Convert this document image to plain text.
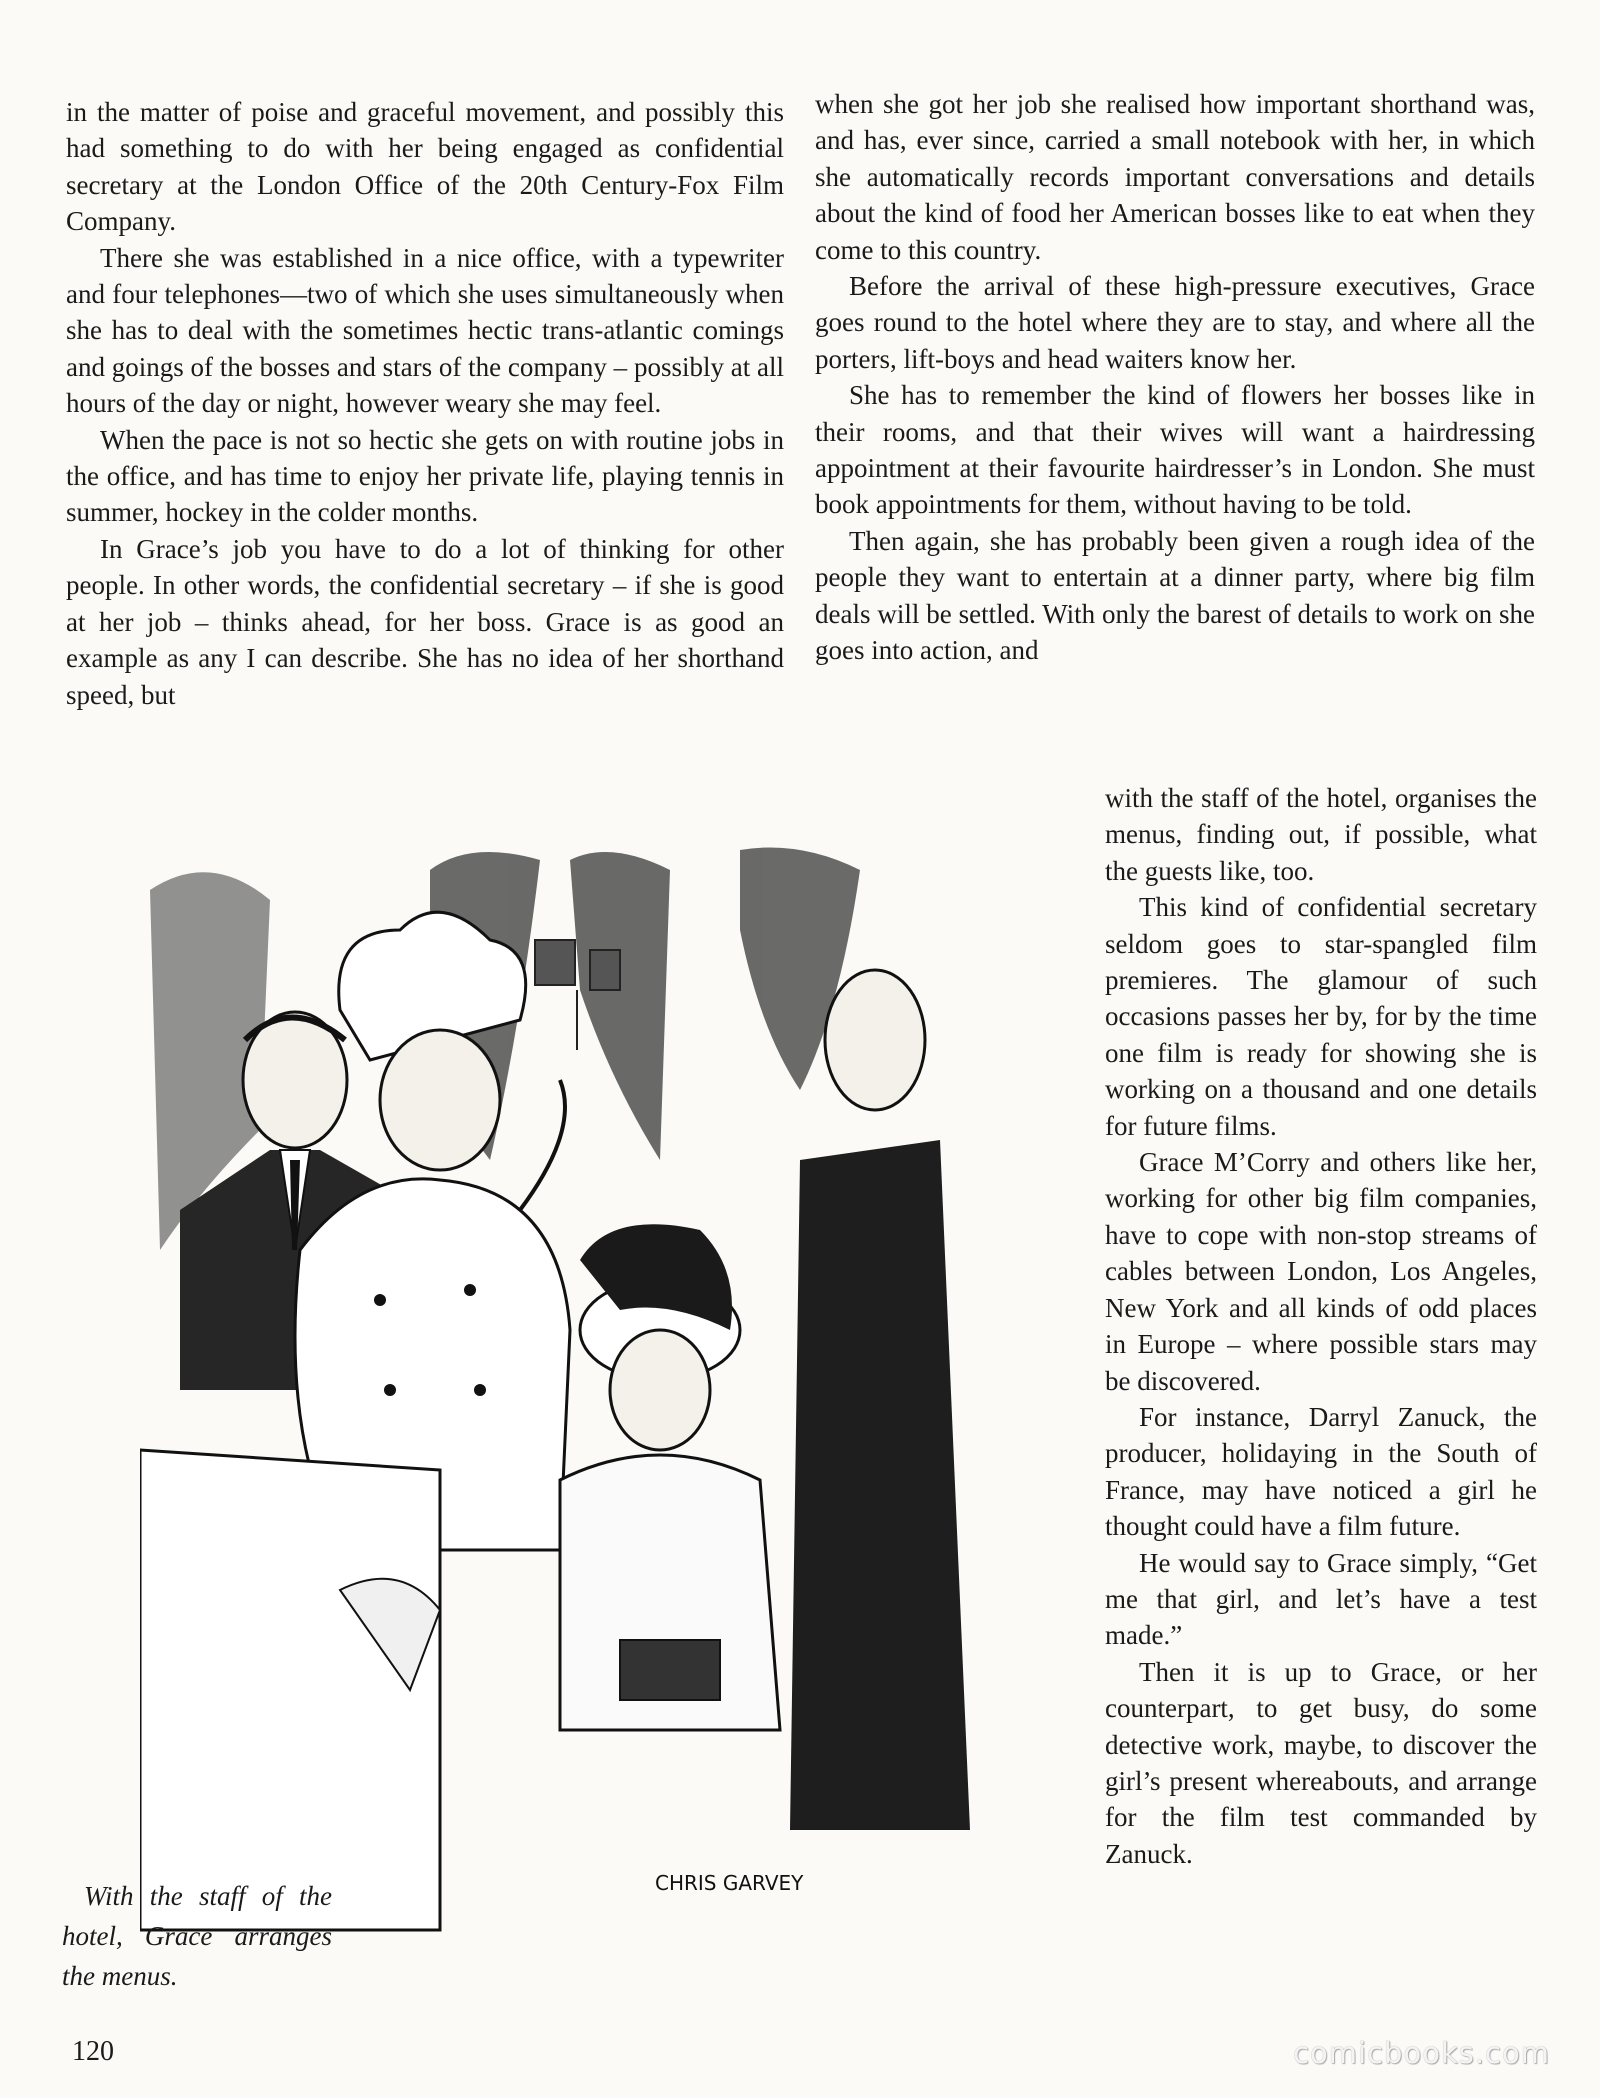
in the matter of poise and graceful movement, and possibly this had something to do with her being engaged as confidential secretary at the London Office of the 20th Century-Fox Film Company.

There she was established in a nice office, with a typewriter and four telephones—two of which she uses simultaneously when she has to deal with the sometimes hectic trans-atlantic comings and goings of the bosses and stars of the company – possibly at all hours of the day or night, however weary she may feel.

When the pace is not so hectic she gets on with routine jobs in the office, and has time to enjoy her private life, playing tennis in summer, hockey in the colder months.

In Grace’s job you have to do a lot of thinking for other people. In other words, the confidential secretary – if she is good at her job – thinks ahead, for her boss. Grace is as good an example as any I can describe. She has no idea of her shorthand speed, but

when she got her job she realised how important shorthand was, and has, ever since, carried a small notebook with her, in which she automatically records important conversations and details about the kind of food her American bosses like to eat when they come to this country.

Before the arrival of these high-pressure executives, Grace goes round to the hotel where they are to stay, and where all the porters, lift-boys and head waiters know her.

She has to remember the kind of flowers her bosses like in their rooms, and that their wives will want a hairdressing appointment at their favourite hairdresser’s in London. She must book appointments for them, without having to be told.

Then again, she has probably been given a rough idea of the people they want to entertain at a dinner party, where big film deals will be settled. With only the barest of details to work on she goes into action, and

with the staff of the hotel, organises the menus, finding out, if possible, what the guests like, too.

This kind of confidential secretary seldom goes to star-spangled film premieres. The glamour of such occasions passes her by, for by the time one film is ready for showing she is working on a thousand and one details for future films.

Grace M’Corry and others like her, working for other big film companies, have to cope with non-stop streams of cables between London, Los Angeles, New York and all kinds of odd places in Europe – where possible stars may be discovered.

For instance, Darryl Zanuck, the producer, holidaying in the South of France, may have noticed a girl he thought could have a film future.

He would say to Grace simply, “Get me that girl, and let’s have a test made.”

Then it is up to Grace, or her counterpart, to get busy, do some detective work, maybe, to discover the girl’s present whereabouts, and arrange for the film test commanded by Zanuck.

CHRIS GARVEY

With the staff of the hotel, Grace arranges the menus.

120	comicbooks.com
